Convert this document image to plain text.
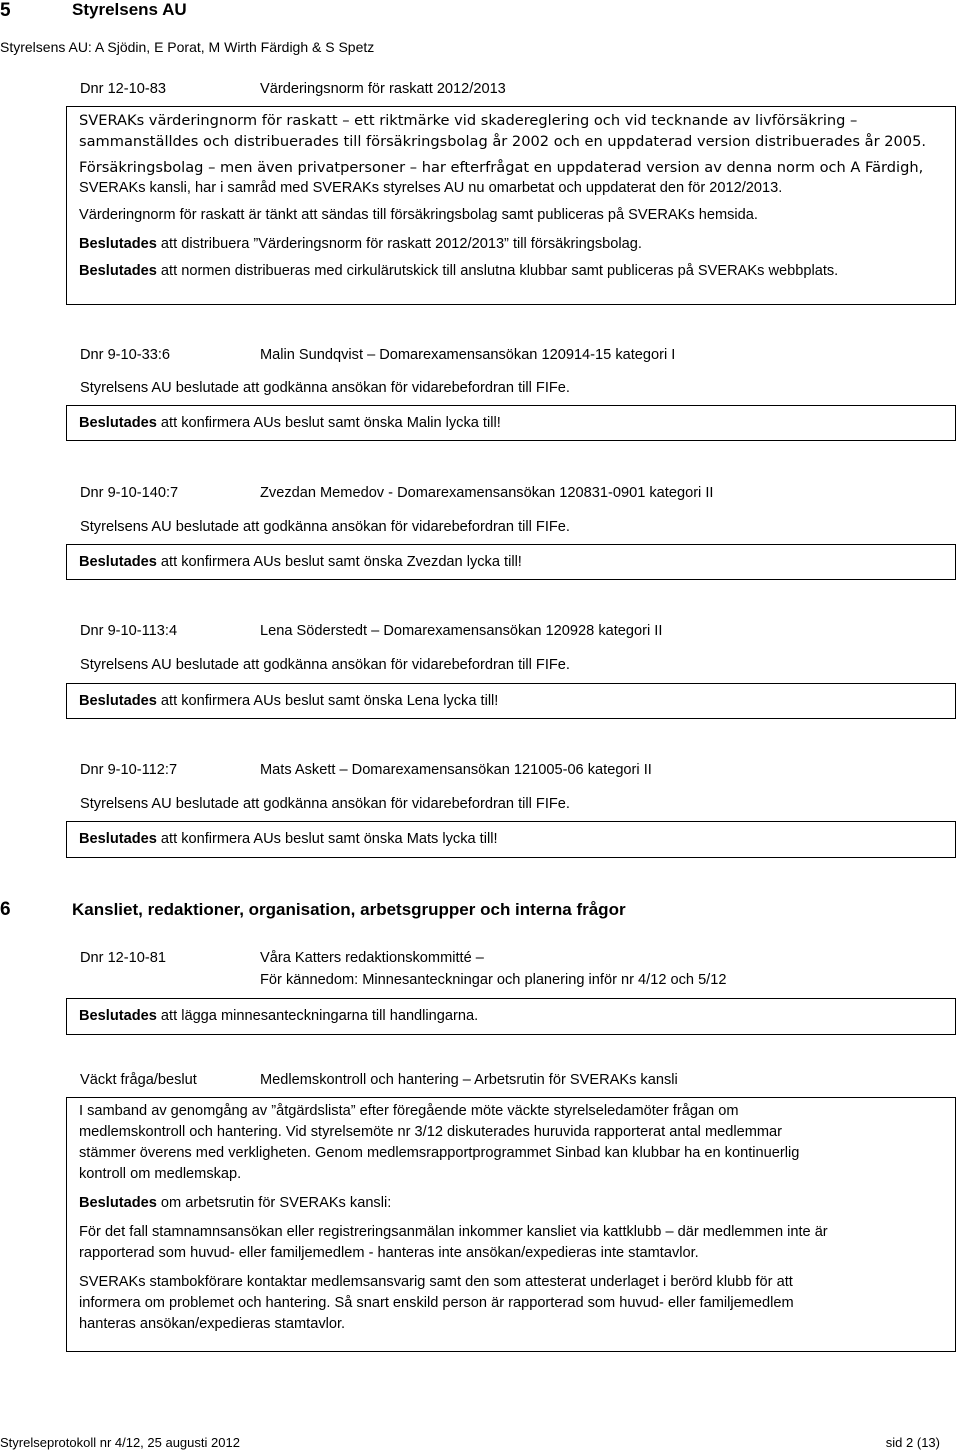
5	Styrelsens AU
Styrelsens AU: A Sjödin, E Porat, M Wirth Färdigh & S Spetz
Dnr 12-10-83	Värderingsnorm för raskatt 2012/2013

SVERAKs värderingnorm för raskatt – ett riktmärke vid skadereglering och vid tecknande av livförsäkring –

sammanställdes och distribuerades till försäkringsbolag år 2002 och en uppdaterad version distribuerades år 2005.

Försäkringsbolag – men även privatpersoner – har efterfrågat en uppdaterad version av denna norm och A Färdigh,

SVERAKs kansli, har i samråd med SVERAKs styrelses AU nu omarbetat och uppdaterat den för 2012/2013.

Värderingnorm för raskatt är tänkt att sändas till försäkringsbolag samt publiceras på SVERAKs hemsida.

Beslutades att distribuera ”Värderingsnorm för raskatt 2012/2013” till försäkringsbolag.

Beslutades att normen distribueras med cirkulärutskick till anslutna klubbar samt publiceras på SVERAKs webbplats.

Dnr 9-10-33:6	Malin Sundqvist – Domarexamensansökan 120914-15 kategori I
Styrelsens AU beslutade att godkänna ansökan för vidarebefordran till FIFe.

Beslutades att konfirmera AUs beslut samt önska Malin lycka till!

Dnr 9-10-140:7	Zvezdan Memedov - Domarexamensansökan 120831-0901 kategori II
Styrelsens AU beslutade att godkänna ansökan för vidarebefordran till FIFe.

Beslutades att konfirmera AUs beslut samt önska Zvezdan lycka till!

Dnr 9-10-113:4	Lena Söderstedt – Domarexamensansökan 120928 kategori II
Styrelsens AU beslutade att godkänna ansökan för vidarebefordran till FIFe.

Beslutades att konfirmera AUs beslut samt önska Lena lycka till!

Dnr 9-10-112:7	Mats Askett – Domarexamensansökan 121005-06 kategori II
Styrelsens AU beslutade att godkänna ansökan för vidarebefordran till FIFe.

Beslutades att konfirmera AUs beslut samt önska Mats lycka till!

6	Kansliet, redaktioner, organisation, arbetsgrupper och interna frågor
Dnr 12-10-81	Våra Katters redaktionskommitté –
För kännedom: Minnesanteckningar och planering inför nr 4/12 och 5/12

Beslutades att lägga minnesanteckningarna till handlingarna.

Väckt fråga/beslut	Medlemskontroll och hantering – Arbetsrutin för SVERAKs kansli

I samband av genomgång av ”åtgärdslista” efter föregående möte väckte styrelseledamöter frågan om

medlemskontroll och hantering. Vid styrelsemöte nr 3/12 diskuterades huruvida rapporterat antal medlemmar

stämmer överens med verkligheten. Genom medlemsrapportprogrammet Sinbad kan klubbar ha en kontinuerlig

kontroll om medlemskap.

Beslutades om arbetsrutin för SVERAKs kansli:

För det fall stamnamnsansökan eller registreringsanmälan inkommer kansliet via kattklubb – där medlemmen inte är

rapporterad som huvud- eller familjemedlem - hanteras inte ansökan/expedieras inte stamtavlor.

SVERAKs stambokförare kontaktar medlemsansvarig samt den som attesterat underlaget i berörd klubb för att

informera om problemet och hantering. Så snart enskild person är rapporterad som huvud- eller familjemedlem

hanteras ansökan/expedieras stamtavlor.

Styrelseprotokoll nr 4/12, 25 augusti 2012	sid 2 (13)
